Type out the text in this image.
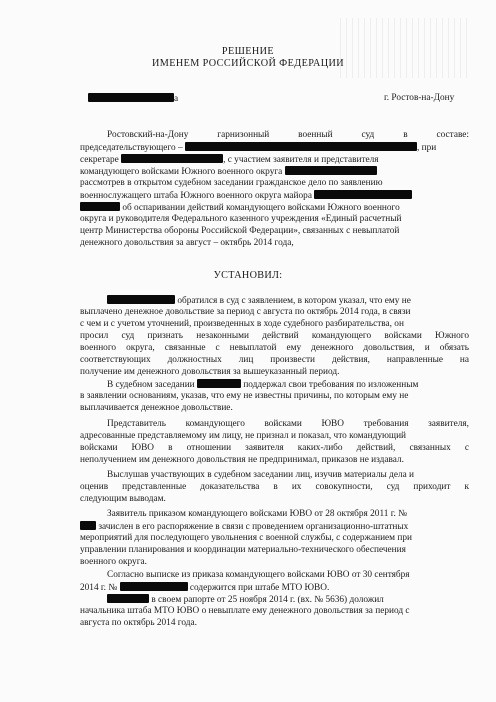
РЕШЕНИЕ
ИМЕНЕМ РОССИЙСКОЙ ФЕДЕРАЦИИ
а	г. Ростов-на-Дону
Ростовский-на-Дону гарнизонный военный суд в составе:
председательствующего –	, при
секретаре	, с участием заявителя и представителя
командующего войсками Южного военного округа
рассмотрев в открытом судебном заседании гражданское дело по заявлению
военнослужащего штаба Южного военного округа майора
об оспаривании действий командующего войсками Южного военного
округа и руководителя Федерального казенного учреждения «Единый расчетный
центр Министерства обороны Российской Федерации», связанных с невыплатой
денежного довольствия за август – октябрь 2014 года,
УСТАНОВИЛ:
обратился в суд с заявлением, в котором указал, что ему не
выплачено денежное довольствие за период с августа по октябрь 2014 года, в связи
с чем и с учетом уточнений, произведенных в ходе судебного разбирательства, он
просил суд признать незаконными действий командующего войсками Южного
военного округа, связанные с невыплатой ему денежного довольствия, и обязать
соответствующих должностных лиц произвести действия, направленные на
получение им денежного довольствия за вышеуказанный период.
В судебном заседании	поддержал свои требования по изложенным
в заявлении основаниям, указав, что ему не известны причины, по которым ему не
выплачивается денежное довольствие.
Представитель командующего войсками ЮВО требования заявителя,
адресованные представляемому им лицу, не признал и показал, что командующий
войсками ЮВО в отношении заявителя каких-либо действий, связанных с
неполучением им денежного довольствия не предпринимал, приказов не издавал.
Выслушав участвующих в судебном заседании лиц, изучив материалы дела и
оценив представленные доказательства в их совокупности, суд приходит к
следующим выводам.
Заявитель приказом командующего войсками ЮВО от 28 октября 2011 г. №
зачислен в его распоряжение в связи с проведением организационно-штатных
мероприятий для последующего увольнения с военной службы, с содержанием при
управлении планирования и координации материально-технического обеспечения
военного округа.
Согласно выписке из приказа командующего войсками ЮВО от 30 сентября
2014 г. №	содержится при штабе МТО ЮВО.
в своем рапорте от 25 ноября 2014 г. (вх. № 5636) доложил
начальника штаба МТО ЮВО о невыплате ему денежного довольствия за период с
августа по октябрь 2014 года.
